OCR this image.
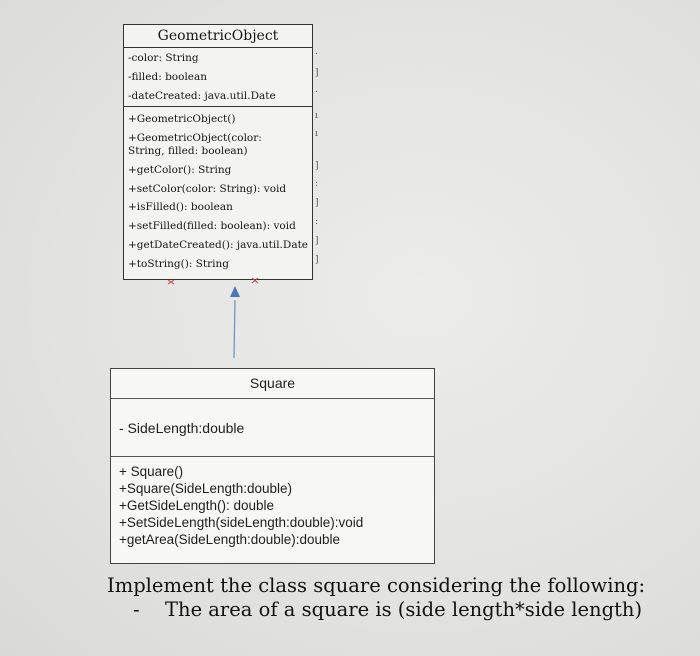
GeometricObject
-color: String
-filled: boolean
-dateCreated: java.util.Date
+GeometricObject()
+GeometricObject(color: String, filled: boolean)
+getColor(): String
+setColor(color: String): void
+isFilled(): boolean
+setFilled(filled: boolean): void
+getDateCreated(): java.util.Date
+toString(): String
.
]
.
ı
ı
]
:
]
:
]
]
Square
- SideLength:double
+ Square()
+Square(SideLength:double)
+GetSideLength(): double
+SetSideLength(sideLength:double):void
+getArea(SideLength:double):double
Implement the class square considering the following:
- The area of a square is (side length*side length)
